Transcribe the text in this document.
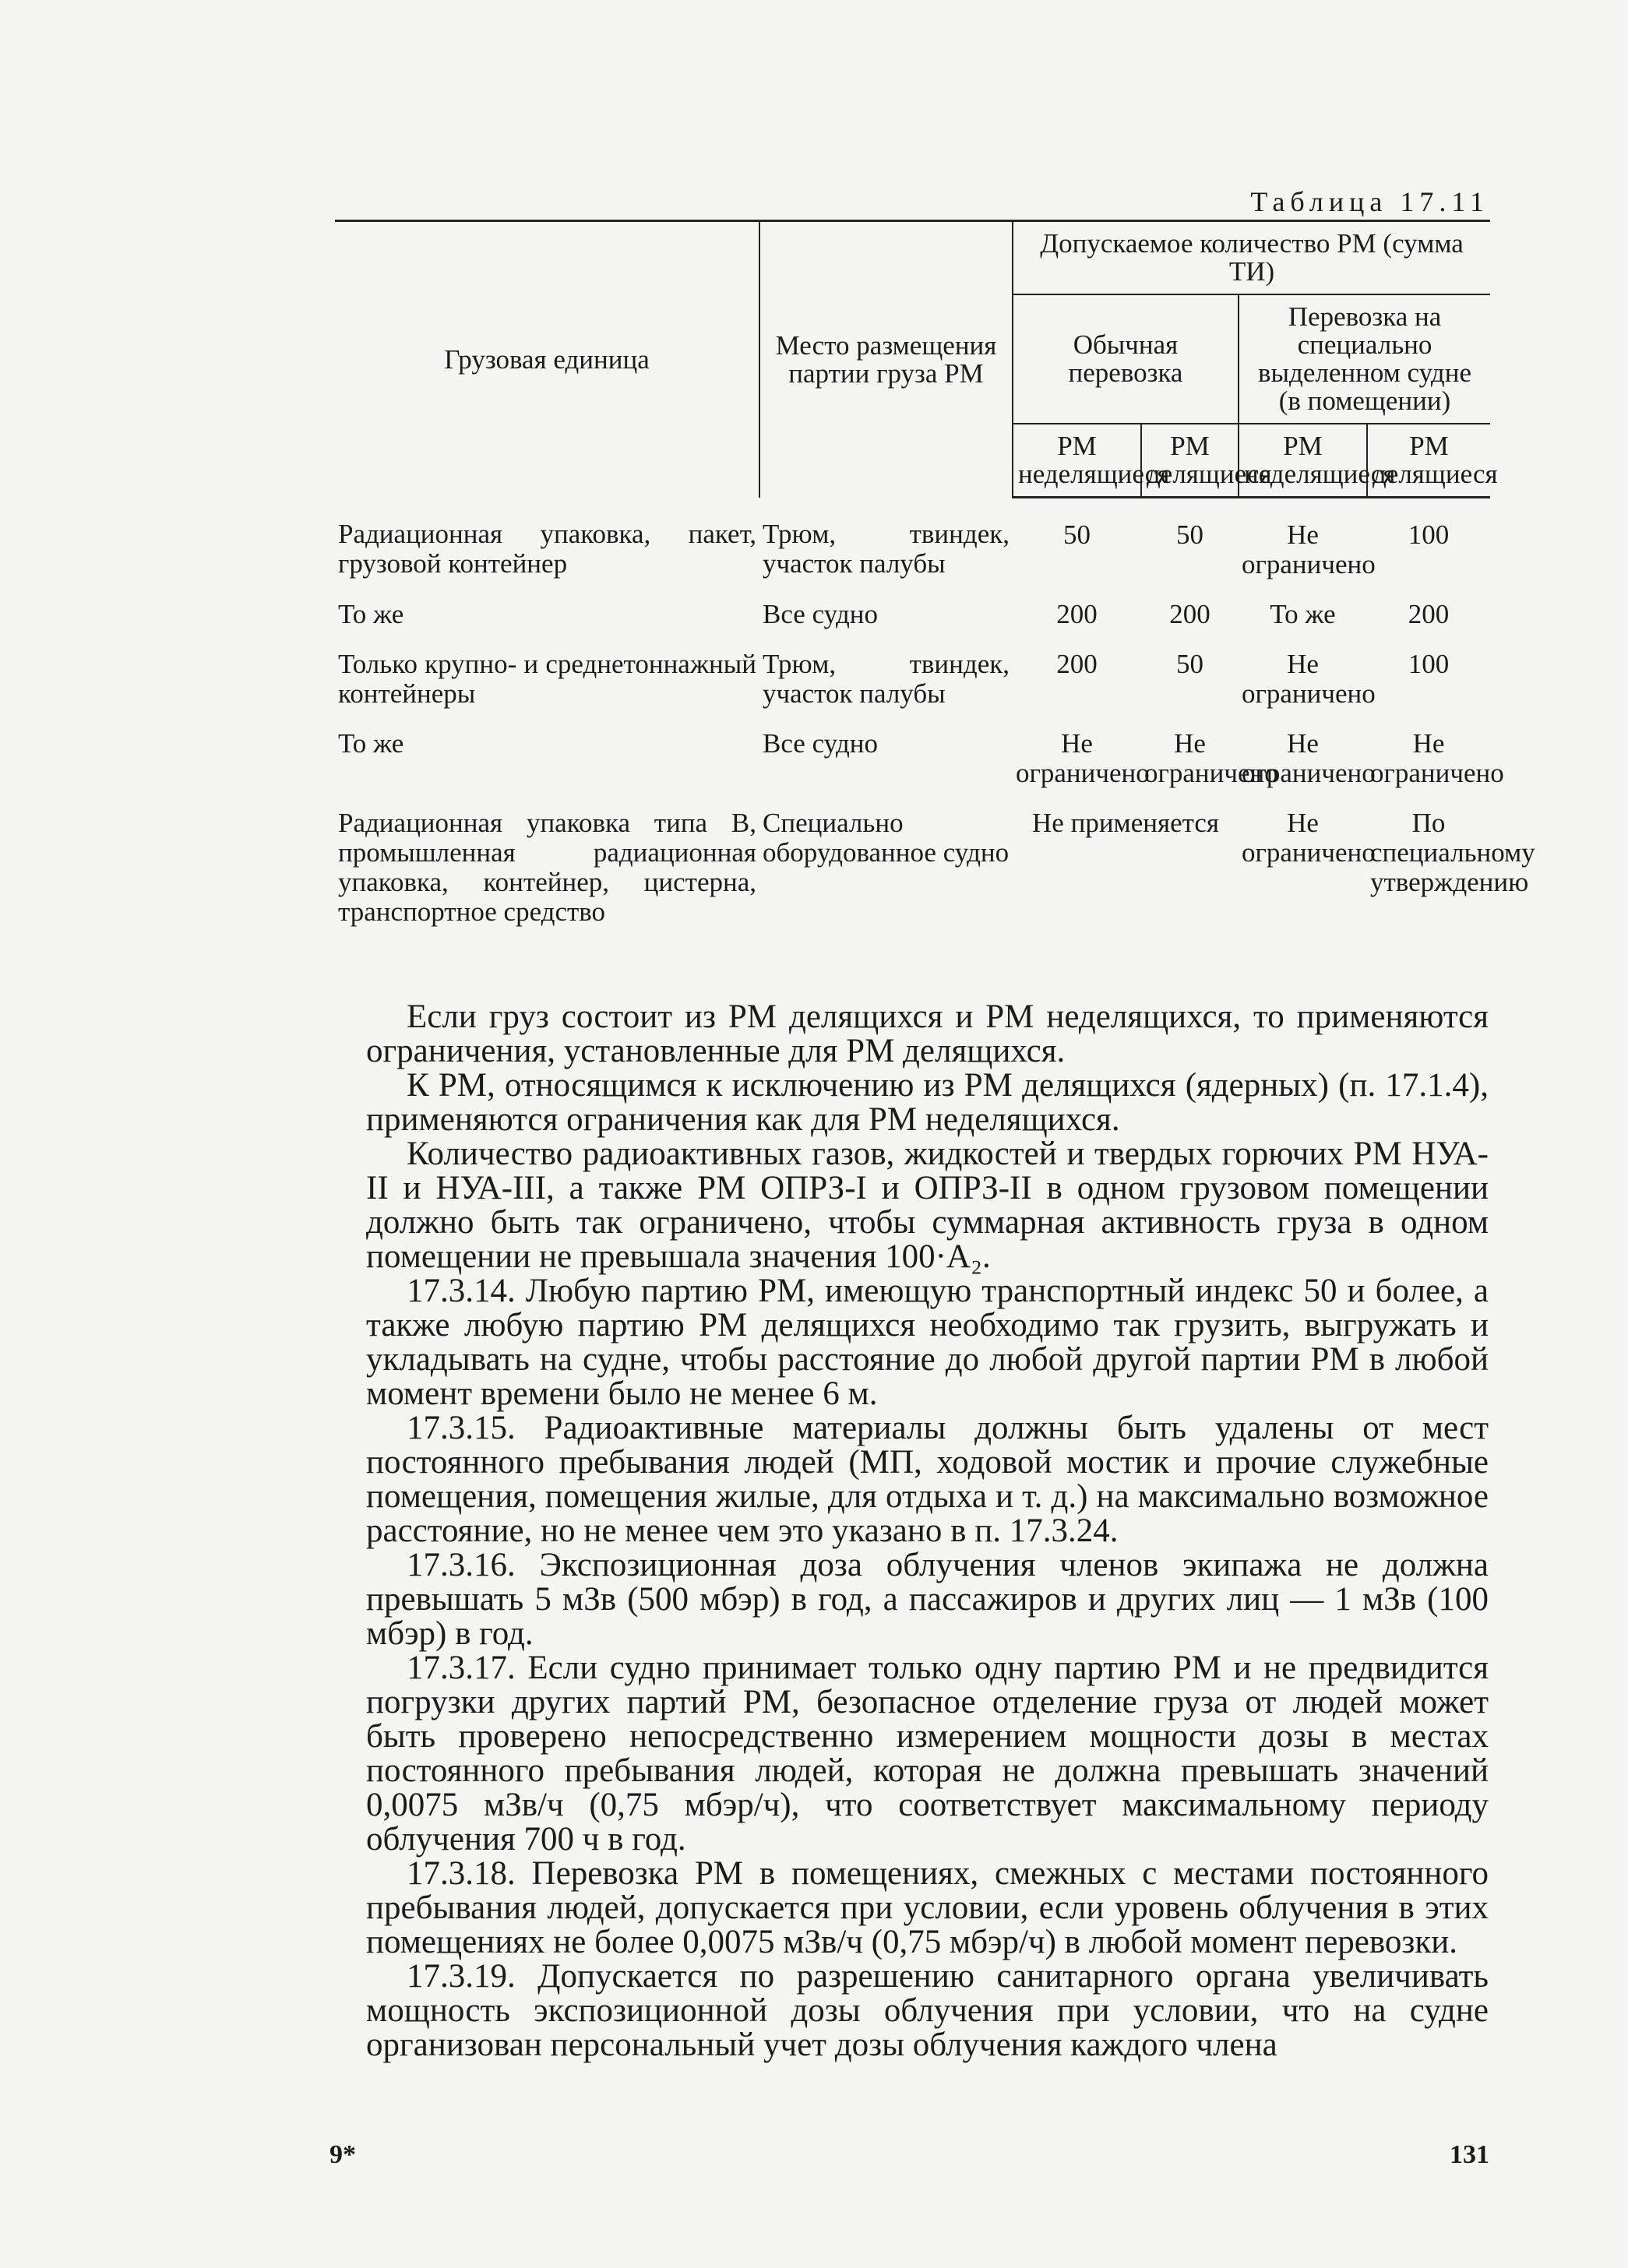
Таблица 17.11
Грузовая единица	Место размещения партии груза РМ	Допускаемое количество РМ (сумма ТИ)			
		Обычная перевозка		Перевозка на специально выделенном судне (в помещении)	
		РМ неделящиеся	РМ делящиеся	РМ неделящиеся	РМ делящиеся
Радиационная упаковка, пакет, грузовой контейнер	Трюм, твиндек, участок палубы	50	50	Не ограничено	100
То же	Все судно	200	200	То же	200
Только крупно- и среднетоннажный контейнеры	Трюм, твиндек, участок палубы	200	50	Не ограничено	100
То же	Все судно	Не ограничено	Не ограничено	Не ограничено	Не ограничено
Радиационная упаковка типа В, промышленная радиационная упаковка, контейнер, цистерна, транспортное средство	Специально оборудованное судно	Не применяется		Не ограничено	По специальному утверждению

Если груз состоит из РМ делящихся и РМ неделящихся, то применяются ограничения, установленные для РМ делящихся.

К РМ, относящимся к исключению из РМ делящихся (ядерных) (п. 17.1.4), применяются ограничения как для РМ неделящихся.

Количество радиоактивных газов, жидкостей и твердых горючих РМ НУА-II и НУА-III, а также РМ ОПРЗ-I и ОПРЗ-II в одном грузовом помещении должно быть так ограничено, чтобы суммарная активность груза в одном помещении не превышала значения 100·А₂.

17.3.14. Любую партию РМ, имеющую транспортный индекс 50 и более, а также любую партию РМ делящихся необходимо так грузить, выгружать и укладывать на судне, чтобы расстояние до любой другой партии РМ в любой момент времени было не менее 6 м.

17.3.15. Радиоактивные материалы должны быть удалены от мест постоянного пребывания людей (МП, ходовой мостик и прочие служебные помещения, помещения жилые, для отдыха и т. д.) на максимально возможное расстояние, но не менее чем это указано в п. 17.3.24.

17.3.16. Экспозиционная доза облучения членов экипажа не должна превышать 5 мЗв (500 мбэр) в год, а пассажиров и других лиц — 1 мЗв (100 мбэр) в год.

17.3.17. Если судно принимает только одну партию РМ и не предвидится погрузки других партий РМ, безопасное отделение груза от людей может быть проверено непосредственно измерением мощности дозы в местах постоянного пребывания людей, которая не должна превышать значений 0,0075 мЗв/ч (0,75 мбэр/ч), что соответствует максимальному периоду облучения 700 ч в год.

17.3.18. Перевозка РМ в помещениях, смежных с местами постоянного пребывания людей, допускается при условии, если уровень облучения в этих помещениях не более 0,0075 мЗв/ч (0,75 мбэр/ч) в любой момент перевозки.

17.3.19. Допускается по разрешению санитарного органа увеличивать мощность экспозиционной дозы облучения при условии, что на судне организован персональный учет дозы облучения каждого члена

9*	131
